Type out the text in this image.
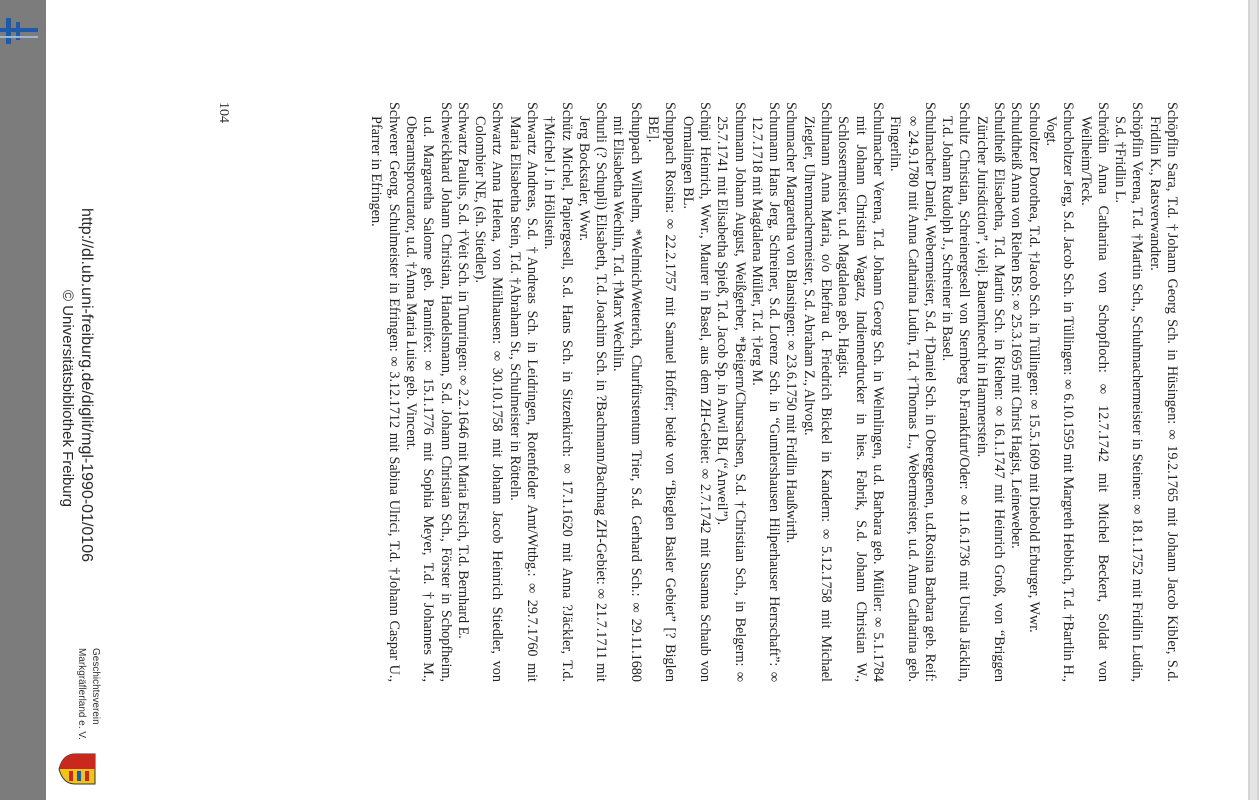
Schöpflin Sara, T.d. †Johann Georg Sch. in Hüsingen: ∞ 19.2.1765 mit Johann Jacob Kibler, S.d. Fridlin K., Ratsverwandter.

Schöpflin Verena, T.d. †Martin Sch., Schuhmachermeister in Steinen: ∞ 18.1.1752 mit Fridlin Ludin, S.d. †Fridlin L.

Schrödin Anna Catharina von Schopfloch: ∞ 12.7.1742 mit Michel Beckert, Soldat von Weilheim/Teck.

Schucholtzer Jerg, S.d. Jacob Sch. in Tüllingen: ∞ 6.10.1595 mit Margreth Hebbich, T.d. †Bartlin H., Vogt.

Schuoltzer Dorothea, T.d. †Jacob Sch. in Tüllingen: ∞ 15.5.1609 mit Diebold Erburger, Wwr.

Schuldtheiß Anna von Riehen BS: ∞ 25.3.1695 mit Christ Hagist, Leineweber.

Schultheiß Elisabetha, T.d. Martin Sch. in Riehen: ∞ 16.1.1747 mit Heinrich Groß, von “Briggen Züricher Jurisdiction”, vielj. Bauernknecht in Hammerstein.

Schultz Christian, Schreinergesell von Sternberg b.Frankfurt/Oder: ∞ 11.6.1736 mit Ursula Jäcklin, T.d. Johann Rudolph J., Schreiner in Basel.

Schulmacher Daniel, Webermeister, S.d. †Daniel Sch. in Obereggenen, u.d.Rosina Barbara geb. Reif: ∞ 24.9.1780 mit Anna Catharina Ludin, T.d. †Thomas L., Webermeister, u.d. Anna Catharina geb. Fingerlin.

Schulmacher Verena, T.d. Johann Georg Sch. in Welmlingen, u.d. Barbara geb. Müller: ∞ 5.1.1784 mit Johann Christian Wagatz, Indiennedrucker in hies. Fabrik, S.d. Johann Christian W., Schlossermeister, u.d. Magdalena geb. Hagist.

Schulmann Anna Maria, o/o Ehefrau d. Friedrich Bickel in Kandern: ∞ 5.12.1758 mit Michael Ziegler, Uhrenmachermeister, S.d. Abraham Z., Altvogt.

Schumacher Margaretha von Blansingen: ∞ 23.6.1750 mit Fridlin Haußwirth.

Schumann Hans Jerg, Schreiner, S.d. Lorenz Sch. in “Gumlershausen Hilperhauser Herrschaft”: ∞ 12.7.1718 mit Magdalena Müller, T.d. †Jerg M.

Schumann Johann August, Weißgerber, *Beigern/Chursachsen, S.d. †Christian Sch., in Belgern: ∞ 25.7.1741 mit Elisabetha Spieß, T.d. Jacob Sp. in Anwil BL (“Anweil”).

Schüpi Heinrich, Wwr., Maurer in Basel, aus dem ZH-Gebiet: ∞ 2.7.1742 mit Susanna Schaub von Ormalingen BL.

Schuppach Rosina: ∞ 22.2.1757 mit Samuel Hoffer; beide von “Bieglen Basler Gebiet” [? Biglen BE].

Schuppach Wilhelm, *Welmich/Wetterich, Churfürstentum Trier, S.d. Gerhard Sch.: ∞ 29.11.1680 mit Elisabetha Wechlin, T.d. †Marx Wechlin.

Schurli (? Schupli) Elisabeth, T.d. Joachim Sch. in ?Bachmann/Bachnag ZH-Gebiet: ∞ 21.7.1711 mit Jerg Bockstaler, Wwr.

Schütz Michel, Papiergesell, S.d. Hans Sch. in Sitzenkirch: ∞ 17.1.1620 mit Anna ?Jäckler, T.d. †Michel J. in Höllstein.

Schwartz Andreas, S.d. †Andreas Sch. in Leidringen, Rotenfelder Amt/Wttbg.: ∞ 29.7.1760 mit Maria Elisabetha Stein, T.d. †Abraham St., Schulmeister in Rötteln.

Schwartz Anna Helena, von Mülhausen: ∞ 30.10.1758 mit Johann Jacob Heinrich Stiedler, von Colombier NE, (sh. Stiedler).

Schwartz Paulus, S.d. †Veit Sch. in Tumringen: ∞ 2.2.1646 mit Maria Ersich, T.d. Bernhard E.

Schweickhard Johann Christian, Handelsmann, S.d. Johann Christian Sch., Förster in Schopfheim, u.d. Margaretha Salome geb. Pannifex: ∞ 15.1.1776 mit Sophia Meyer, T.d. †Johannes M., Oberamtsprocurator, u.d. †Anna Maria Luise geb. Vincent.

Schwerer Georg, Schulmeister in Efringen: ∞ 3.12.1712 mit Sabina Ulrici, T.d. †Johann Caspar U., Pfarrer in Efringen.

104
http://dl.ub.uni-freiburg.de/diglit/mgl-1990-01/0106
© Universitätsbibliothek Freiburg
Geschichtsverein
Markgräflerland e. V.
